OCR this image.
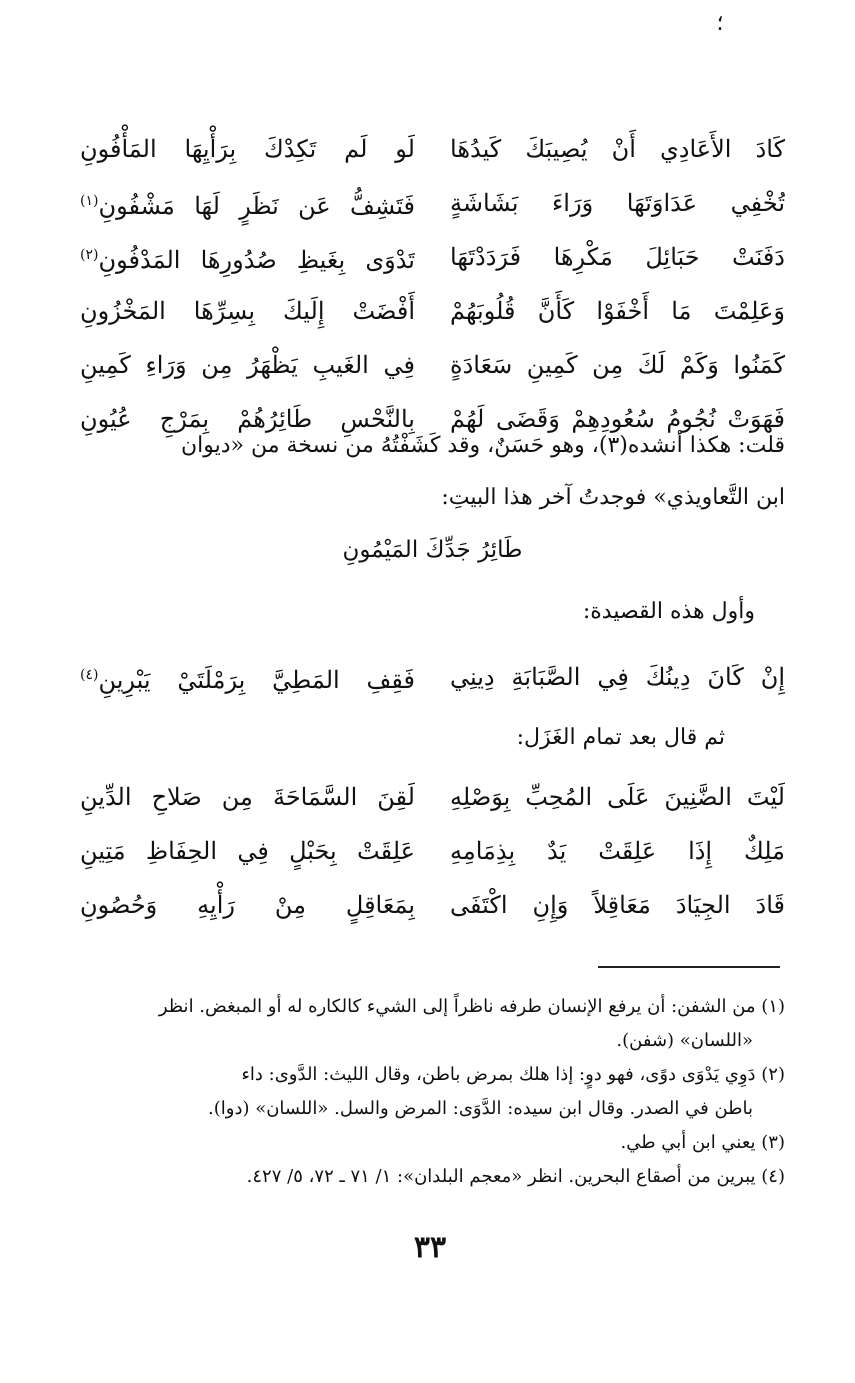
؛
كَادَ الأَعَادِي أَنْ يُصِيبَكَ كَيدُهَا
لَو لَم تَكِدْكَ بِرَأْيِهَا المَأْفُونِ
تُخْفِي عَدَاوَتَهَا وَرَاءَ بَشَاشَةٍ
فَتَشِفُّ عَن نَظَرٍ لَهَا مَشْفُونِ$^{(١)}$
دَفَنَتْ حَبَائِلَ مَكْرِهَا فَرَدَدْتَهَا
تَدْوَى بِغَيظِ صُدُورِهَا المَدْفُونِ$^{(٢)}$
وَعَلِمْتَ مَا أَخْفَوْا كَأَنَّ قُلُوبَهُمْ
أَفْضَتْ إِلَيكَ بِسِرِّهَا المَخْزُونِ
كَمَنُوا وَكَمْ لَكَ مِن كَمِينِ سَعَادَةٍ
فِي الغَيبِ يَظْهَرُ مِن وَرَاءِ كَمِينِ
فَهَوَتْ نُجُومُ سُعُودِهِمْ وَقَضَى لَهُمْ
بِالنَّحْسِ طَائِرُهُمْ بِمَرْجِ عُيُونِ
قلت: هكذا أنشده(٣)، وهو حَسَنٌ، وقد كَشَفْتُهُ من نسخة من «ديوان
ابن التَّعاويذي» فوجدتُ آخر هذا البيتِ:
طَائِرُ جَدِّكَ المَيْمُونِ
وأول هذه القصيدة:
إِنْ كَانَ دِينُكَ فِي الصَّبَابَةِ دِينِي
فَقِفِ المَطِيَّ بِرَمْلَتَيْ يَبْرِينِ$^{(٤)}$
ثم قال بعد تمام الغَزَل:
لَيْتَ الضَّنِينَ عَلَى المُحِبِّ بِوَصْلِهِ
لَقِنَ السَّمَاحَةَ مِن صَلاحِ الدِّينِ
مَلِكٌ إِذَا عَلِقَتْ يَدٌ بِذِمَامِهِ
عَلِقَتْ بِحَبْلٍ فِي الحِفَاظِ مَتِينِ
قَادَ الجِيَادَ مَعَاقِلاً وَإِنِ اكْتَفَى
بِمَعَاقِلٍ مِنْ رَأْيِهِ وَحُصُونِ

(١) من الشفن: أن يرفع الإنسان طرفه ناظراً إلى الشيء كالكاره له أو المبغض. انظر

«اللسان» (شفن).

(٢) دَوِي يَدْوَى دوًى، فهو دوٍ: إذا هلك بمرض باطن، وقال الليث: الدَّوى: داء

باطن في الصدر. وقال ابن سيده: الدَّوَى: المرض والسل. «اللسان» (دوا).

(٣) يعني ابن أبي طي.

(٤) يبرين من أصقاع البحرين. انظر «معجم البلدان»: ١/ ٧١ ـ ٧٢، ٥/ ٤٢٧.

٣٣
